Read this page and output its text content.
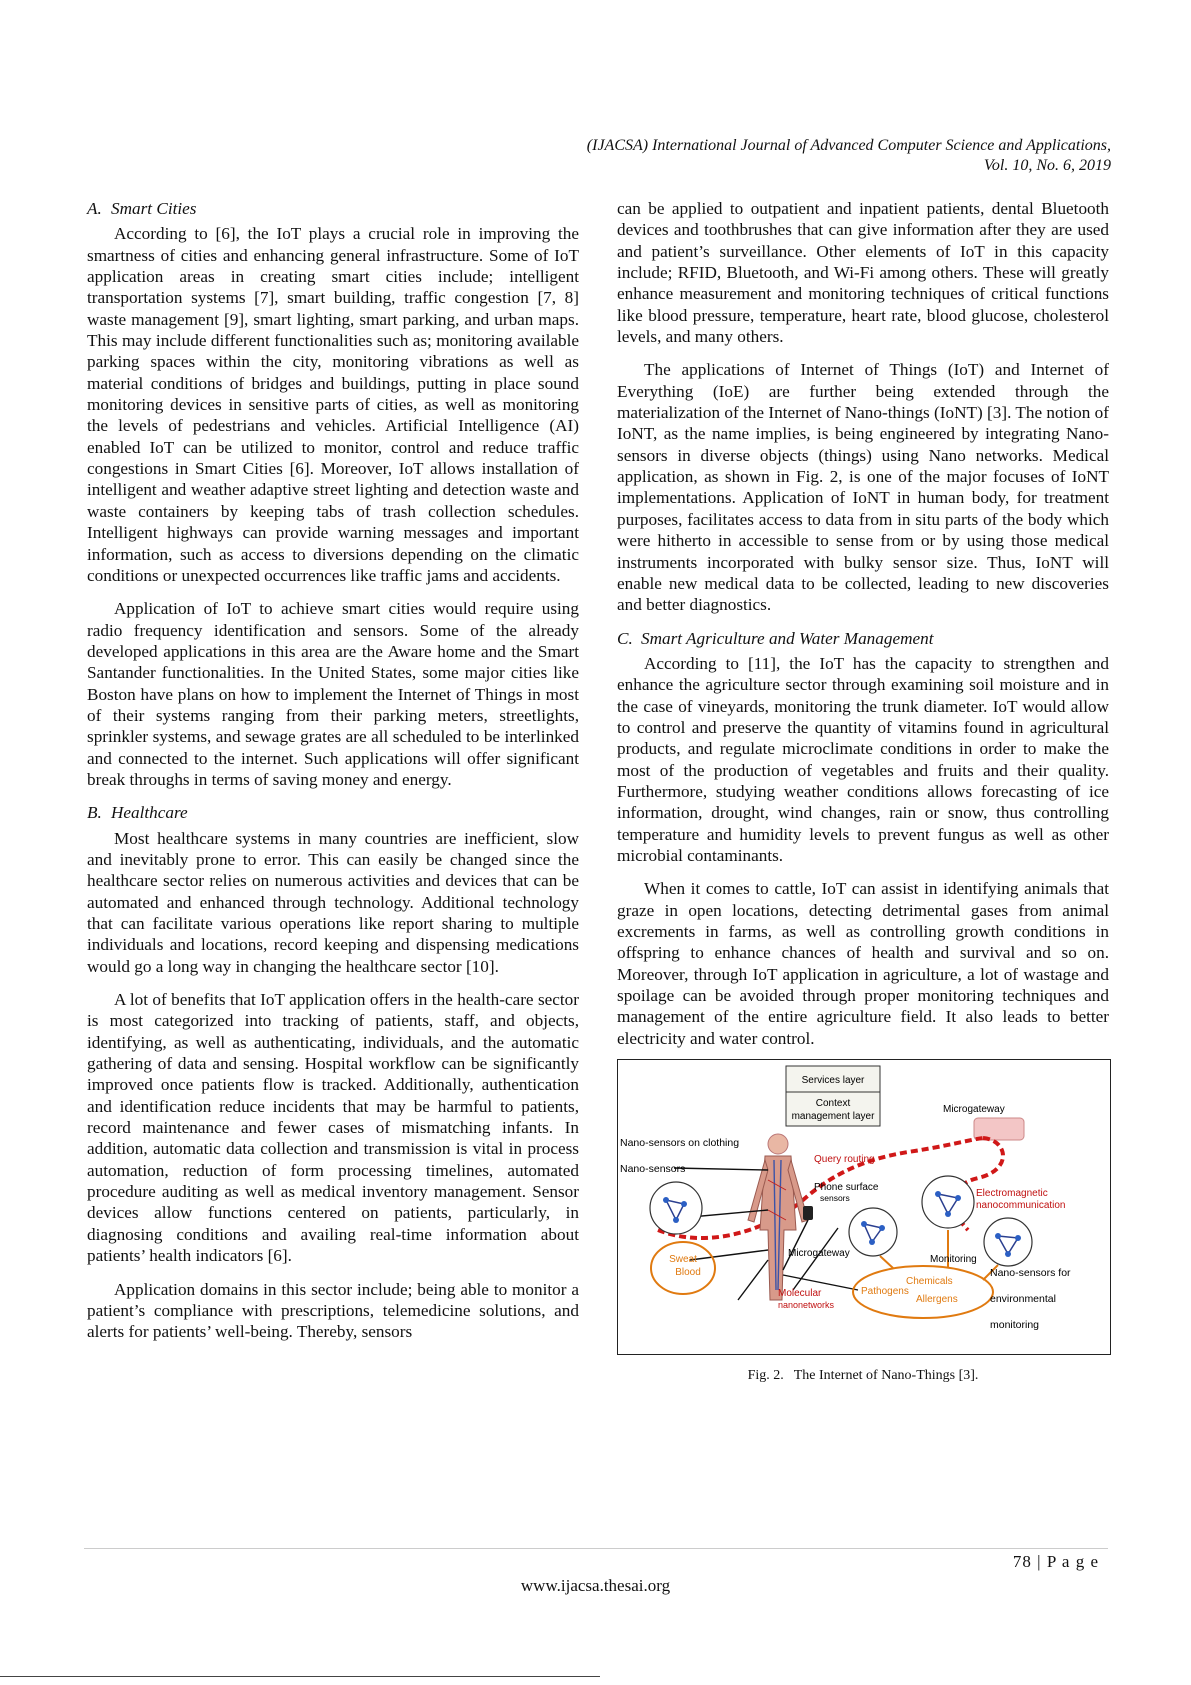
(IJACSA) International Journal of Advanced Computer Science and Applications,
Vol. 10, No. 6, 2019
A. Smart Cities

According to [6], the IoT plays a crucial role in improving the smartness of cities and enhancing general infrastructure. Some of IoT application areas in creating smart cities include; intelligent transportation systems [7], smart building, traffic congestion [7, 8] waste management [9], smart lighting, smart parking, and urban maps. This may include different functionalities such as; monitoring available parking spaces within the city, monitoring vibrations as well as material conditions of bridges and buildings, putting in place sound monitoring devices in sensitive parts of cities, as well as monitoring the levels of pedestrians and vehicles. Artificial Intelligence (AI) enabled IoT can be utilized to monitor, control and reduce traffic congestions in Smart Cities [6]. Moreover, IoT allows installation of intelligent and weather adaptive street lighting and detection waste and waste containers by keeping tabs of trash collection schedules. Intelligent highways can provide warning messages and important information, such as access to diversions depending on the climatic conditions or unexpected occurrences like traffic jams and accidents.

Application of IoT to achieve smart cities would require using radio frequency identification and sensors. Some of the already developed applications in this area are the Aware home and the Smart Santander functionalities. In the United States, some major cities like Boston have plans on how to implement the Internet of Things in most of their systems ranging from their parking meters, streetlights, sprinkler systems, and sewage grates are all scheduled to be interlinked and connected to the internet. Such applications will offer significant break throughs in terms of saving money and energy.

B. Healthcare

Most healthcare systems in many countries are inefficient, slow and inevitably prone to error. This can easily be changed since the healthcare sector relies on numerous activities and devices that can be automated and enhanced through technology. Additional technology that can facilitate various operations like report sharing to multiple individuals and locations, record keeping and dispensing medications would go a long way in changing the healthcare sector [10].

A lot of benefits that IoT application offers in the health-care sector is most categorized into tracking of patients, staff, and objects, identifying, as well as authenticating, individuals, and the automatic gathering of data and sensing. Hospital workflow can be significantly improved once patients flow is tracked. Additionally, authentication and identification reduce incidents that may be harmful to patients, record maintenance and fewer cases of mismatching infants. In addition, automatic data collection and transmission is vital in process automation, reduction of form processing timelines, automated procedure auditing as well as medical inventory management. Sensor devices allow functions centered on patients, particularly, in diagnosing conditions and availing real-time information about patients’ health indicators [6].

Application domains in this sector include; being able to monitor a patient’s compliance with prescriptions, telemedicine solutions, and alerts for patients’ well-being. Thereby, sensors

can be applied to outpatient and inpatient patients, dental Bluetooth devices and toothbrushes that can give information after they are used and patient’s surveillance. Other elements of IoT in this capacity include; RFID, Bluetooth, and Wi-Fi among others. These will greatly enhance measurement and monitoring techniques of critical functions like blood pressure, temperature, heart rate, blood glucose, cholesterol levels, and many others.

The applications of Internet of Things (IoT) and Internet of Everything (IoE) are further being extended through the materialization of the Internet of Nano-things (IoNT) [3]. The notion of IoNT, as the name implies, is being engineered by integrating Nano-sensors in diverse objects (things) using Nano networks. Medical application, as shown in Fig. 2, is one of the major focuses of IoNT implementations. Application of IoNT in human body, for treatment purposes, facilitates access to data from in situ parts of the body which were hitherto in accessible to sense from or by using those medical instruments incorporated with bulky sensor size. Thus, IoNT will enable new medical data to be collected, leading to new discoveries and better diagnostics.

C. Smart Agriculture and Water Management

According to [11], the IoT has the capacity to strengthen and enhance the agriculture sector through examining soil moisture and in the case of vineyards, monitoring the trunk diameter. IoT would allow to control and preserve the quantity of vitamins found in agricultural products, and regulate microclimate conditions in order to make the most of the production of vegetables and fruits and their quality. Furthermore, studying weather conditions allows forecasting of ice information, drought, wind changes, rain or snow, thus controlling temperature and humidity levels to prevent fungus as well as other microbial contaminants.

When it comes to cattle, IoT can assist in identifying animals that graze in open locations, detecting detrimental gases from animal excrements in farms, as well as controlling growth conditions in offspring to enhance chances of health and survival and so on. Moreover, through IoT application in agriculture, a lot of wastage and spoilage can be avoided through proper monitoring techniques and management of the entire agriculture field. It also leads to better electricity and water control.

Services layer
Context
management layer
Microgateway
Nano-sensors on clothing
Nano-sensors
Query routing
Phone surface
sensors	Electromagnetic
nanocommunication
Sweat
Blood
Microgateway
Monitoring
Nano-sensors for
environmental
monitoring
Chemicals
Pathogens
Allergens
Molecular
nanonetworks
Fig. 2. The Internet of Nano-Things [3].
78 | P a g e
www.ijacsa.thesai.org
